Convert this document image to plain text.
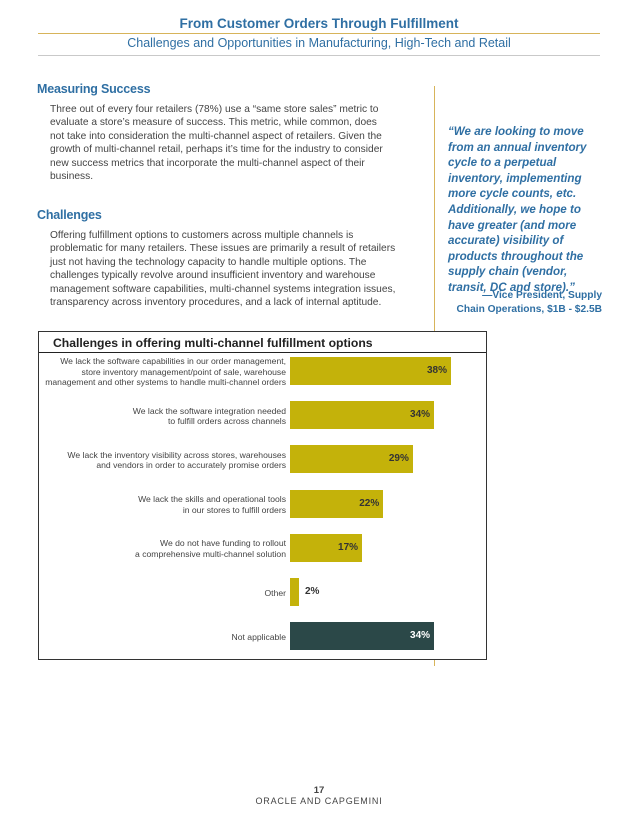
From Customer Orders Through Fulfillment
Challenges and Opportunities in Manufacturing, High-Tech and Retail
Measuring Success
Three out of every four retailers (78%) use a “same store sales” metric to
evaluate a store’s measure of success. This metric, while common, does
not take into consideration the multi-channel aspect of retailers. Given the
growth of multi-channel retail, perhaps it’s time for the industry to consider
new success metrics that incorporate the multi-channel aspect of their
business.
Challenges
Offering fulfillment options to customers across multiple channels is
problematic for many retailers. These issues are primarily a result of retailers
just not having the technology capacity to handle multiple options. The
challenges typically revolve around insufficient inventory and warehouse
management software capabilities, multi-channel systems integration issues,
transparency across inventory procedures, and a lack of internal aptitude.
“We are looking to move from an annual inventory cycle to a perpetual inventory, implementing more cycle counts, etc. Additionally, we hope to have greater (and more accurate) visibility of products throughout the supply chain (vendor, transit, DC and store).”
—Vice President, Supply
Chain Operations, $1B - $2.5B
Challenges in offering multi-channel fulfillment options
We lack the software capabilities in our order management,
store inventory management/point of sale, warehouse
management and other systems to handle multi-channel orders
38%
We lack the software integration needed
to fulfill orders across channels
34%
We lack the inventory visibility across stores, warehouses
and vendors in order to accurately promise orders
29%
We lack the skills and operational tools
in our stores to fulfill orders
22%
We do not have funding to rollout
a comprehensive multi-channel solution
17%
Other 2%
Not applicable	34%
17
ORACLE AND CAPGEMINI
